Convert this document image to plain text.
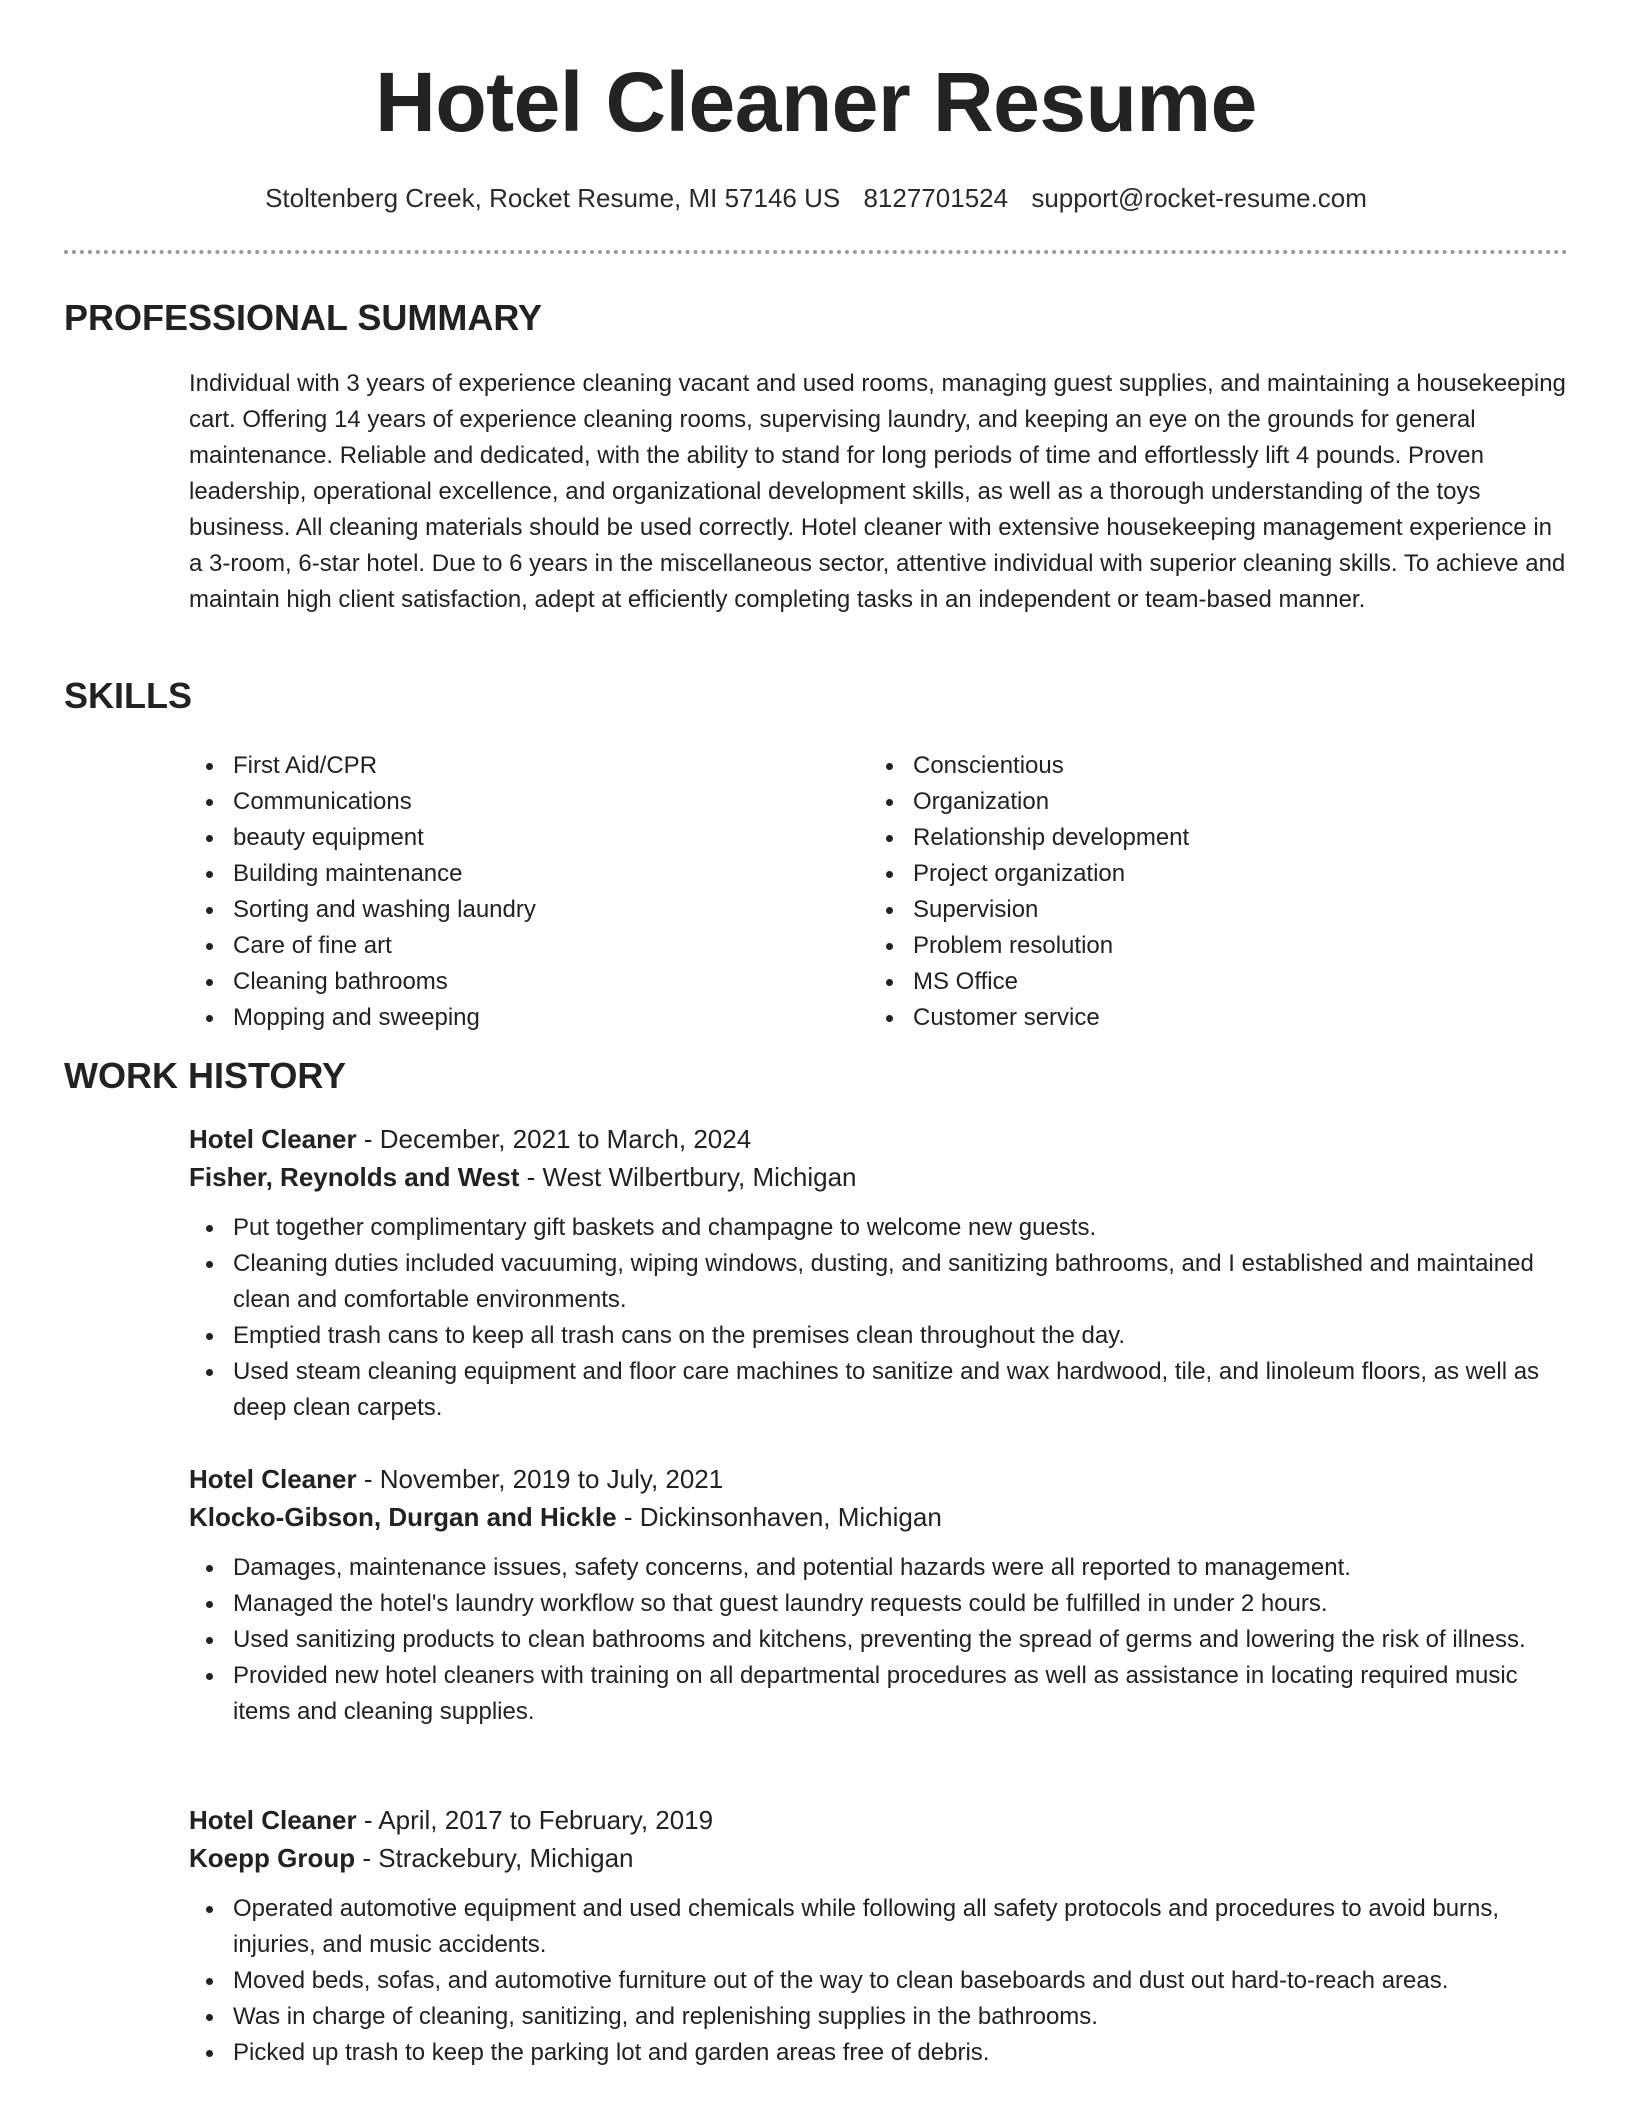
Hotel Cleaner Resume
Stoltenberg Creek, Rocket Resume, MI 57146 US 8127701524 support@rocket-resume.com
PROFESSIONAL SUMMARY
Individual with 3 years of experience cleaning vacant and used rooms, managing guest supplies, and maintaining a housekeeping cart. Offering 14 years of experience cleaning rooms, supervising laundry, and keeping an eye on the grounds for general maintenance. Reliable and dedicated, with the ability to stand for long periods of time and effortlessly lift 4 pounds. Proven leadership, operational excellence, and organizational development skills, as well as a thorough understanding of the toys business. All cleaning materials should be used correctly. Hotel cleaner with extensive housekeeping management experience in a 3-room, 6-star hotel. Due to 6 years in the miscellaneous sector, attentive individual with superior cleaning skills. To achieve and maintain high client satisfaction, adept at efficiently completing tasks in an independent or team-based manner.
SKILLS
First Aid/CPR
Communications
beauty equipment
Building maintenance
Sorting and washing laundry
Care of fine art
Cleaning bathrooms
Mopping and sweeping
Conscientious
Organization
Relationship development
Project organization
Supervision
Problem resolution
MS Office
Customer service
WORK HISTORY
Hotel Cleaner - December, 2021 to March, 2024
Fisher, Reynolds and West - West Wilbertbury, Michigan
Put together complimentary gift baskets and champagne to welcome new guests.
Cleaning duties included vacuuming, wiping windows, dusting, and sanitizing bathrooms, and I established and maintained clean and comfortable environments.
Emptied trash cans to keep all trash cans on the premises clean throughout the day.
Used steam cleaning equipment and floor care machines to sanitize and wax hardwood, tile, and linoleum floors, as well as deep clean carpets.
Hotel Cleaner - November, 2019 to July, 2021
Klocko-Gibson, Durgan and Hickle - Dickinsonhaven, Michigan
Damages, maintenance issues, safety concerns, and potential hazards were all reported to management.
Managed the hotel's laundry workflow so that guest laundry requests could be fulfilled in under 2 hours.
Used sanitizing products to clean bathrooms and kitchens, preventing the spread of germs and lowering the risk of illness.
Provided new hotel cleaners with training on all departmental procedures as well as assistance in locating required music items and cleaning supplies.
Hotel Cleaner - April, 2017 to February, 2019
Koepp Group - Strackebury, Michigan
Operated automotive equipment and used chemicals while following all safety protocols and procedures to avoid burns, injuries, and music accidents.
Moved beds, sofas, and automotive furniture out of the way to clean baseboards and dust out hard-to-reach areas.
Was in charge of cleaning, sanitizing, and replenishing supplies in the bathrooms.
Picked up trash to keep the parking lot and garden areas free of debris.
